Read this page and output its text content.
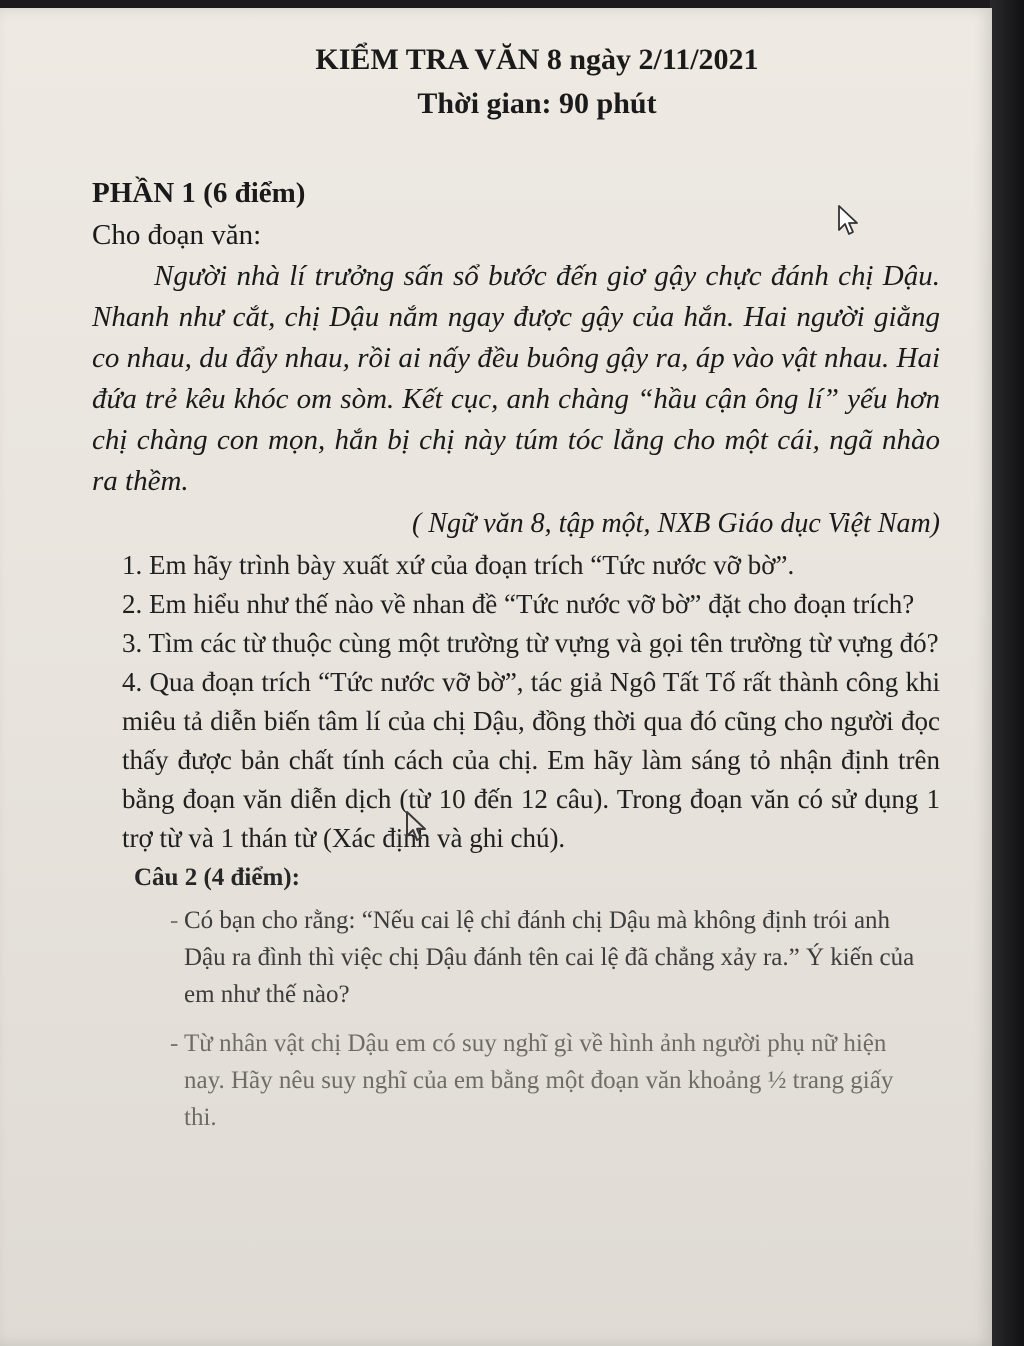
KIỂM TRA VĂN 8 ngày 2/11/2021
Thời gian: 90 phút
PHẦN 1 (6 điểm)
Cho đoạn văn:

Người nhà lí trưởng sấn sổ bước đến giơ gậy chực đánh chị Dậu. Nhanh như cắt, chị Dậu nắm ngay được gậy của hắn. Hai người giằng co nhau, du đẩy nhau, rồi ai nấy đều buông gậy ra, áp vào vật nhau. Hai đứa trẻ kêu khóc om sòm. Kết cục, anh chàng “hầu cận ông lí” yếu hơn chị chàng con mọn, hắn bị chị này túm tóc lẳng cho một cái, ngã nhào ra thềm.

( Ngữ văn 8, tập một, NXB Giáo dục Việt Nam)
1. Em hãy trình bày xuất xứ của đoạn trích “Tức nước vỡ bờ”.
2. Em hiểu như thế nào về nhan đề “Tức nước vỡ bờ” đặt cho đoạn trích?
3. Tìm các từ thuộc cùng một trường từ vựng và gọi tên trường từ vựng đó?
4. Qua đoạn trích “Tức nước vỡ bờ”, tác giả Ngô Tất Tố rất thành công khi miêu tả diễn biến tâm lí của chị Dậu, đồng thời qua đó cũng cho người đọc thấy được bản chất tính cách của chị. Em hãy làm sáng tỏ nhận định trên bằng đoạn văn diễn dịch (từ 10 đến 12 câu). Trong đoạn văn có sử dụng 1 trợ từ và 1 thán từ (Xác định và ghi chú).
Câu 2 (4 điểm):
- Có bạn cho rằng: “Nếu cai lệ chỉ đánh chị Dậu mà không định trói anh Dậu ra đình thì việc chị Dậu đánh tên cai lệ đã chẳng xảy ra.” Ý kiến của em như thế nào?
- Từ nhân vật chị Dậu em có suy nghĩ gì về hình ảnh người phụ nữ hiện nay. Hãy nêu suy nghĩ của em bằng một đoạn văn khoảng ½ trang giấy thi.
